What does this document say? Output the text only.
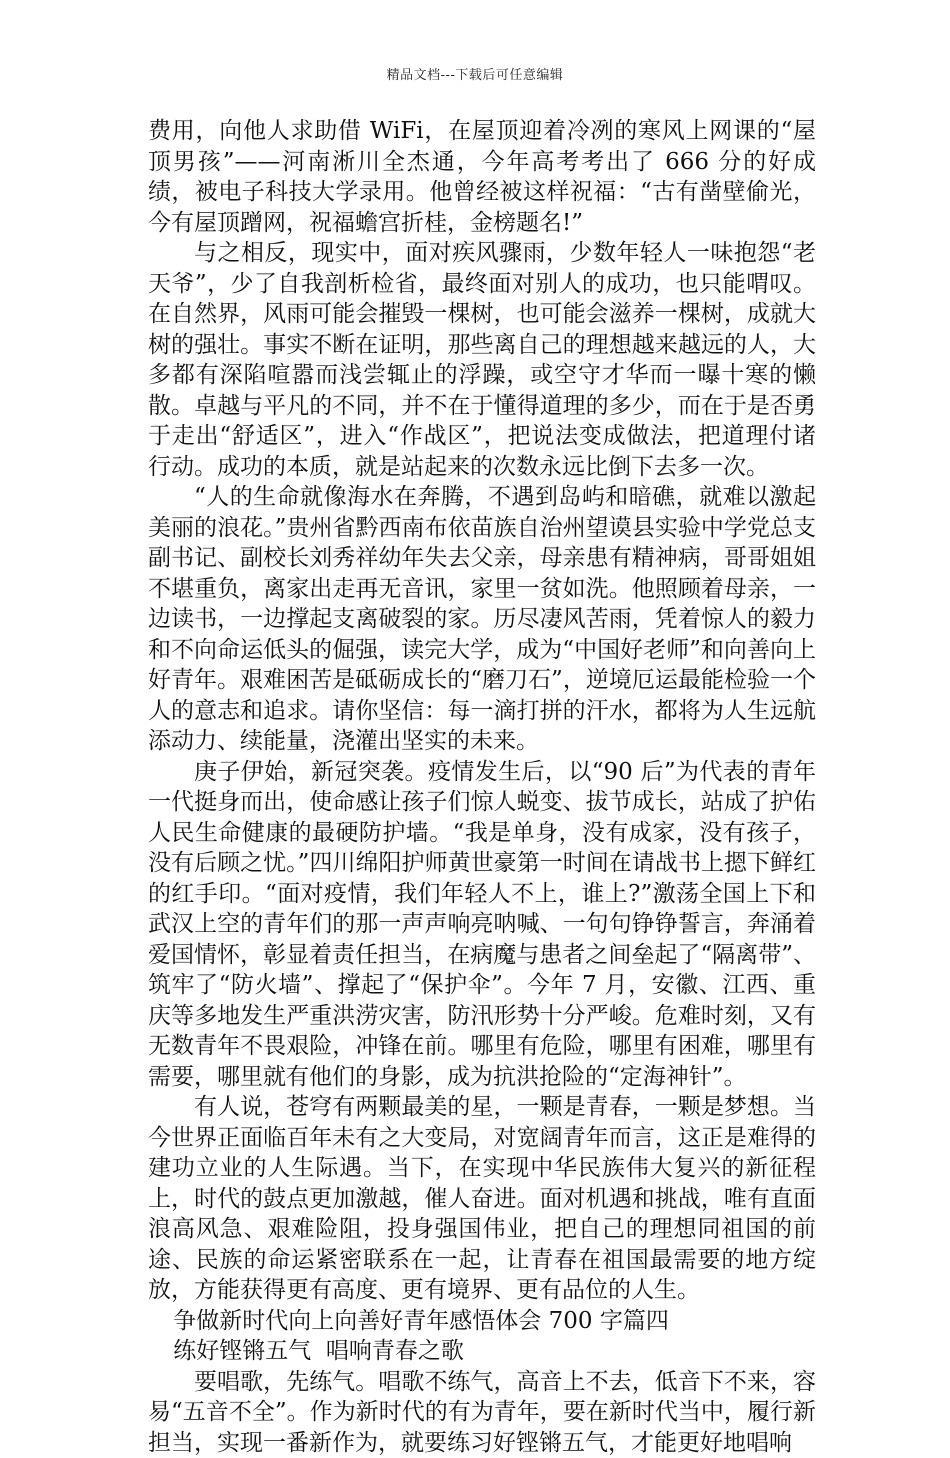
精品文档---下载后可任意编辑

费用，向他人求助借 WiFi，在屋顶迎着冷冽的寒风上网课的“屋顶男孩”——河南淅川全杰通，今年高考考出了 666 分的好成绩，被电子科技大学录用。他曾经被这样祝福：“古有凿壁偷光，今有屋顶蹭网，祝福蟾宫折桂，金榜题名!”

与之相反，现实中，面对疾风骤雨，少数年轻人一味抱怨“老天爷”，少了自我剖析检省，最终面对别人的成功，也只能喟叹。在自然界，风雨可能会摧毁一棵树，也可能会滋养一棵树，成就大树的强壮。事实不断在证明，那些离自己的理想越来越远的人，大多都有深陷喧嚣而浅尝辄止的浮躁，或空守才华而一曝十寒的懒散。卓越与平凡的不同，并不在于懂得道理的多少，而在于是否勇于走出“舒适区”，进入“作战区”，把说法变成做法，把道理付诸行动。成功的本质，就是站起来的次数永远比倒下去多一次。

“人的生命就像海水在奔腾，不遇到岛屿和暗礁，就难以激起美丽的浪花。”贵州省黔西南布依苗族自治州望谟县实验中学党总支副书记、副校长刘秀祥幼年失去父亲，母亲患有精神病，哥哥姐姐不堪重负，离家出走再无音讯，家里一贫如洗。他照顾着母亲，一边读书，一边撑起支离破裂的家。历尽凄风苦雨，凭着惊人的毅力和不向命运低头的倔强，读完大学，成为“中国好老师”和向善向上好青年。艰难困苦是砥砺成长的“磨刀石”，逆境厄运最能检验一个人的意志和追求。请你坚信：每一滴打拼的汗水，都将为人生远航添动力、续能量，浇灌出坚实的未来。

庚子伊始，新冠突袭。疫情发生后，以“90 后”为代表的青年一代挺身而出，使命感让孩子们惊人蜕变、拔节成长，站成了护佑人民生命健康的最硬防护墙。“我是单身，没有成家，没有孩子，没有后顾之忧。”四川绵阳护师黄世豪第一时间在请战书上摁下鲜红的红手印。“面对疫情，我们年轻人不上，谁上?”激荡全国上下和武汉上空的青年们的那一声声响亮呐喊、一句句铮铮誓言，奔涌着爱国情怀，彰显着责任担当，在病魔与患者之间垒起了“隔离带”、筑牢了“防火墙”、撑起了“保护伞”。今年 7 月，安徽、江西、重庆等多地发生严重洪涝灾害，防汛形势十分严峻。危难时刻，又有无数青年不畏艰险，冲锋在前。哪里有危险，哪里有困难，哪里有需要，哪里就有他们的身影，成为抗洪抢险的“定海神针”。

有人说，苍穹有两颗最美的星，一颗是青春，一颗是梦想。当今世界正面临百年未有之大变局，对宽阔青年而言，这正是难得的建功立业的人生际遇。当下，在实现中华民族伟大复兴的新征程上，时代的鼓点更加激越，催人奋进。面对机遇和挑战，唯有直面浪高风急、艰难险阻，投身强国伟业，把自己的理想同祖国的前途、民族的命运紧密联系在一起，让青春在祖国最需要的地方绽放，方能获得更有高度、更有境界、更有品位的人生。

争做新时代向上向善好青年感悟体会 700 字篇四

练好铿锵五气  唱响青春之歌

要唱歌，先练气。唱歌不练气，高音上不去，低音下不来，容易“五音不全”。作为新时代的有为青年，要在新时代当中，履行新担当，实现一番新作为，就要练习好铿锵五气，才能更好地唱响
